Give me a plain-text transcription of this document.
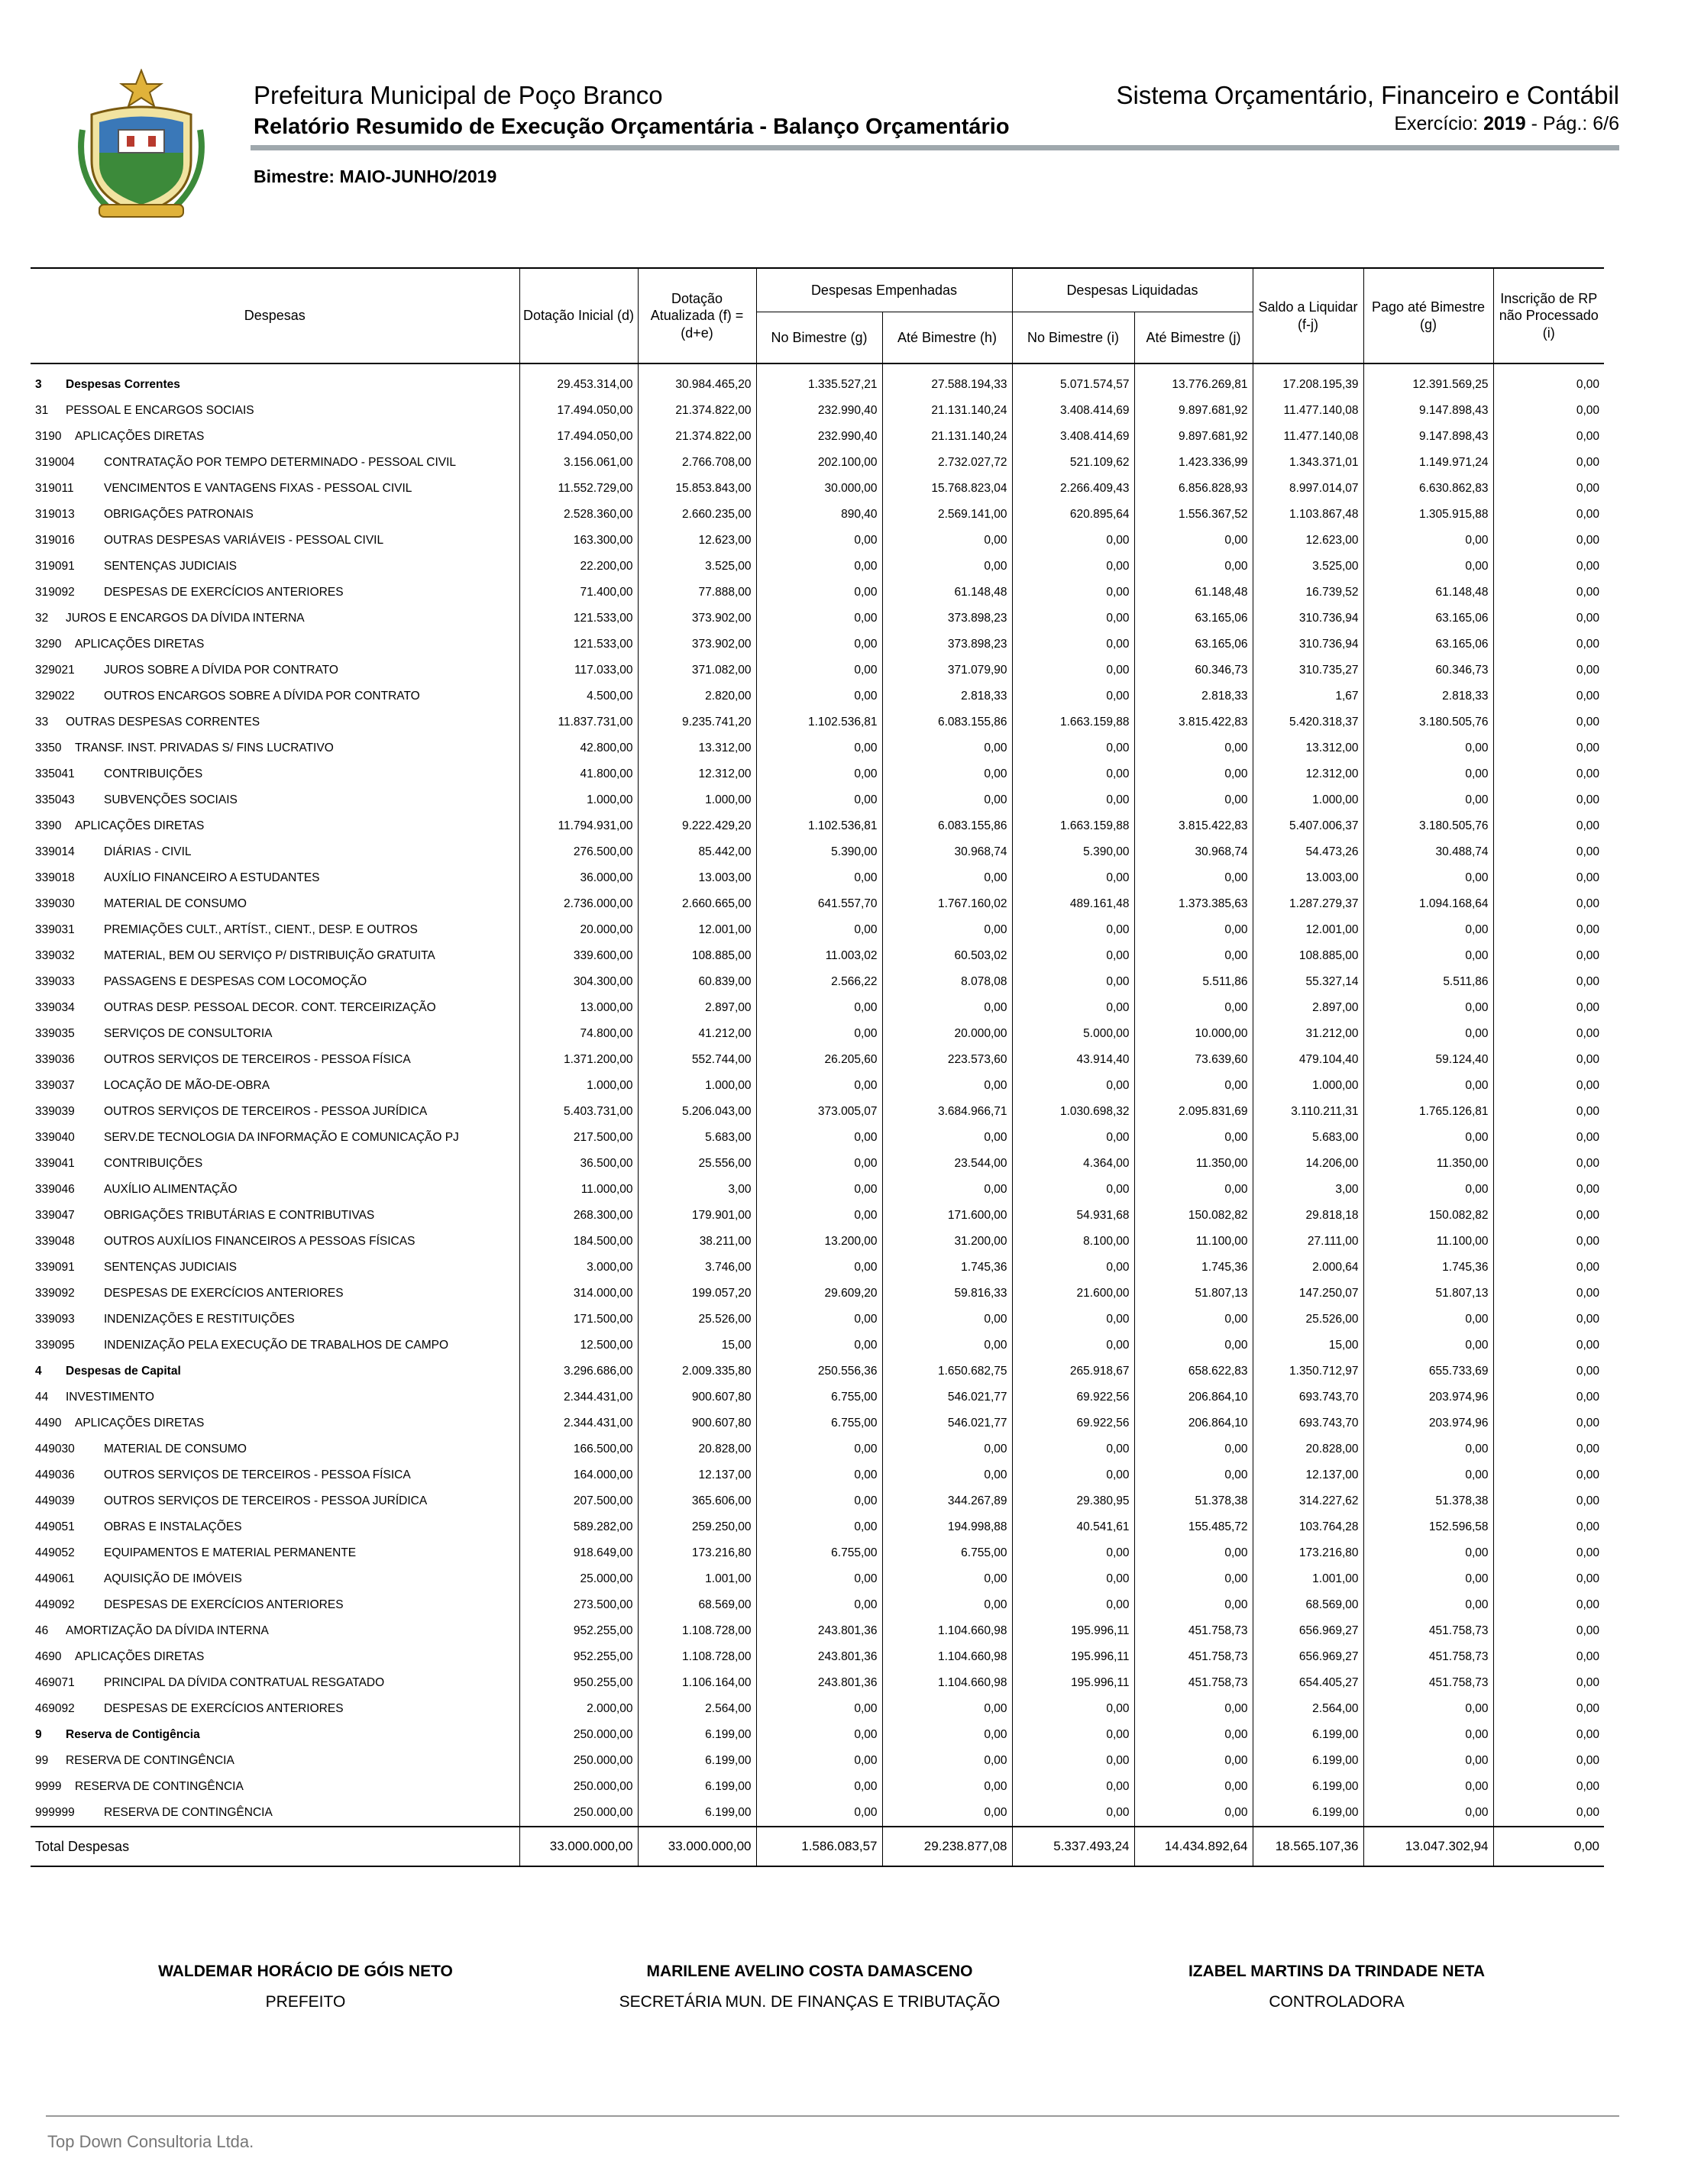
Prefeitura Municipal de Poço Branco
Relatório Resumido de Execução Orçamentária - Balanço Orçamentário
Sistema Orçamentário, Financeiro e Contábil
Exercício: 2019 - Pág.: 6/6
Bimestre: MAIO-JUNHO/2019
Despesas	Dotação Inicial (d)	Dotação Atualizada (f) = (d+e)	Despesas Empenhadas		Despesas Liquidadas		Saldo a Liquidar (f-j)	Pago até Bimestre (g)	Inscrição de RP não Processado (i)
			No Bimestre (g)	Até Bimestre (h)	No Bimestre (i)	Até Bimestre (j)			
3 Despesas Correntes	29.453.314,00	30.984.465,20	1.335.527,21	27.588.194,33	5.071.574,57	13.776.269,81	17.208.195,39	12.391.569,25	0,00
31 PESSOAL E ENCARGOS SOCIAIS	17.494.050,00	21.374.822,00	232.990,40	21.131.140,24	3.408.414,69	9.897.681,92	11.477.140,08	9.147.898,43	0,00
3190 APLICAÇÕES DIRETAS	17.494.050,00	21.374.822,00	232.990,40	21.131.140,24	3.408.414,69	9.897.681,92	11.477.140,08	9.147.898,43	0,00
319004 CONTRATAÇÃO POR TEMPO DETERMINADO - PESSOAL CIVIL	3.156.061,00	2.766.708,00	202.100,00	2.732.027,72	521.109,62	1.423.336,99	1.343.371,01	1.149.971,24	0,00
319011 VENCIMENTOS E VANTAGENS FIXAS - PESSOAL CIVIL	11.552.729,00	15.853.843,00	30.000,00	15.768.823,04	2.266.409,43	6.856.828,93	8.997.014,07	6.630.862,83	0,00
319013 OBRIGAÇÕES PATRONAIS	2.528.360,00	2.660.235,00	890,40	2.569.141,00	620.895,64	1.556.367,52	1.103.867,48	1.305.915,88	0,00
319016 OUTRAS DESPESAS VARIÁVEIS - PESSOAL CIVIL	163.300,00	12.623,00	0,00	0,00	0,00	0,00	12.623,00	0,00	0,00
319091 SENTENÇAS JUDICIAIS	22.200,00	3.525,00	0,00	0,00	0,00	0,00	3.525,00	0,00	0,00
319092 DESPESAS DE EXERCÍCIOS ANTERIORES	71.400,00	77.888,00	0,00	61.148,48	0,00	61.148,48	16.739,52	61.148,48	0,00
32 JUROS E ENCARGOS DA DÍVIDA INTERNA	121.533,00	373.902,00	0,00	373.898,23	0,00	63.165,06	310.736,94	63.165,06	0,00
3290 APLICAÇÕES DIRETAS	121.533,00	373.902,00	0,00	373.898,23	0,00	63.165,06	310.736,94	63.165,06	0,00
329021 JUROS SOBRE A DÍVIDA POR CONTRATO	117.033,00	371.082,00	0,00	371.079,90	0,00	60.346,73	310.735,27	60.346,73	0,00
329022 OUTROS ENCARGOS SOBRE A DÍVIDA POR CONTRATO	4.500,00	2.820,00	0,00	2.818,33	0,00	2.818,33	1,67	2.818,33	0,00
33 OUTRAS DESPESAS CORRENTES	11.837.731,00	9.235.741,20	1.102.536,81	6.083.155,86	1.663.159,88	3.815.422,83	5.420.318,37	3.180.505,76	0,00
3350 TRANSF. INST. PRIVADAS S/ FINS LUCRATIVO	42.800,00	13.312,00	0,00	0,00	0,00	0,00	13.312,00	0,00	0,00
335041 CONTRIBUIÇÕES	41.800,00	12.312,00	0,00	0,00	0,00	0,00	12.312,00	0,00	0,00
335043 SUBVENÇÕES SOCIAIS	1.000,00	1.000,00	0,00	0,00	0,00	0,00	1.000,00	0,00	0,00
3390 APLICAÇÕES DIRETAS	11.794.931,00	9.222.429,20	1.102.536,81	6.083.155,86	1.663.159,88	3.815.422,83	5.407.006,37	3.180.505,76	0,00
339014 DIÁRIAS - CIVIL	276.500,00	85.442,00	5.390,00	30.968,74	5.390,00	30.968,74	54.473,26	30.488,74	0,00
339018 AUXÍLIO FINANCEIRO A ESTUDANTES	36.000,00	13.003,00	0,00	0,00	0,00	0,00	13.003,00	0,00	0,00
339030 MATERIAL DE CONSUMO	2.736.000,00	2.660.665,00	641.557,70	1.767.160,02	489.161,48	1.373.385,63	1.287.279,37	1.094.168,64	0,00
339031 PREMIAÇÕES CULT., ARTÍST., CIENT., DESP. E OUTROS	20.000,00	12.001,00	0,00	0,00	0,00	0,00	12.001,00	0,00	0,00
339032 MATERIAL, BEM OU SERVIÇO P/ DISTRIBUIÇÃO GRATUITA	339.600,00	108.885,00	11.003,02	60.503,02	0,00	0,00	108.885,00	0,00	0,00
339033 PASSAGENS E DESPESAS COM LOCOMOÇÃO	304.300,00	60.839,00	2.566,22	8.078,08	0,00	5.511,86	55.327,14	5.511,86	0,00
339034 OUTRAS DESP. PESSOAL DECOR. CONT. TERCEIRIZAÇÃO	13.000,00	2.897,00	0,00	0,00	0,00	0,00	2.897,00	0,00	0,00
339035 SERVIÇOS DE CONSULTORIA	74.800,00	41.212,00	0,00	20.000,00	5.000,00	10.000,00	31.212,00	0,00	0,00
339036 OUTROS SERVIÇOS DE TERCEIROS - PESSOA FÍSICA	1.371.200,00	552.744,00	26.205,60	223.573,60	43.914,40	73.639,60	479.104,40	59.124,40	0,00
339037 LOCAÇÃO DE MÃO-DE-OBRA	1.000,00	1.000,00	0,00	0,00	0,00	0,00	1.000,00	0,00	0,00
339039 OUTROS SERVIÇOS DE TERCEIROS - PESSOA JURÍDICA	5.403.731,00	5.206.043,00	373.005,07	3.684.966,71	1.030.698,32	2.095.831,69	3.110.211,31	1.765.126,81	0,00
339040 SERV.DE TECNOLOGIA DA INFORMAÇÃO E COMUNICAÇÃO PJ	217.500,00	5.683,00	0,00	0,00	0,00	0,00	5.683,00	0,00	0,00
339041 CONTRIBUIÇÕES	36.500,00	25.556,00	0,00	23.544,00	4.364,00	11.350,00	14.206,00	11.350,00	0,00
339046 AUXÍLIO ALIMENTAÇÃO	11.000,00	3,00	0,00	0,00	0,00	0,00	3,00	0,00	0,00
339047 OBRIGAÇÕES TRIBUTÁRIAS E CONTRIBUTIVAS	268.300,00	179.901,00	0,00	171.600,00	54.931,68	150.082,82	29.818,18	150.082,82	0,00
339048 OUTROS AUXÍLIOS FINANCEIROS A PESSOAS FÍSICAS	184.500,00	38.211,00	13.200,00	31.200,00	8.100,00	11.100,00	27.111,00	11.100,00	0,00
339091 SENTENÇAS JUDICIAIS	3.000,00	3.746,00	0,00	1.745,36	0,00	1.745,36	2.000,64	1.745,36	0,00
339092 DESPESAS DE EXERCÍCIOS ANTERIORES	314.000,00	199.057,20	29.609,20	59.816,33	21.600,00	51.807,13	147.250,07	51.807,13	0,00
339093 INDENIZAÇÕES E RESTITUIÇÕES	171.500,00	25.526,00	0,00	0,00	0,00	0,00	25.526,00	0,00	0,00
339095 INDENIZAÇÃO PELA EXECUÇÃO DE TRABALHOS DE CAMPO	12.500,00	15,00	0,00	0,00	0,00	0,00	15,00	0,00	0,00
4 Despesas de Capital	3.296.686,00	2.009.335,80	250.556,36	1.650.682,75	265.918,67	658.622,83	1.350.712,97	655.733,69	0,00
44 INVESTIMENTO	2.344.431,00	900.607,80	6.755,00	546.021,77	69.922,56	206.864,10	693.743,70	203.974,96	0,00
4490 APLICAÇÕES DIRETAS	2.344.431,00	900.607,80	6.755,00	546.021,77	69.922,56	206.864,10	693.743,70	203.974,96	0,00
449030 MATERIAL DE CONSUMO	166.500,00	20.828,00	0,00	0,00	0,00	0,00	20.828,00	0,00	0,00
449036 OUTROS SERVIÇOS DE TERCEIROS - PESSOA FÍSICA	164.000,00	12.137,00	0,00	0,00	0,00	0,00	12.137,00	0,00	0,00
449039 OUTROS SERVIÇOS DE TERCEIROS - PESSOA JURÍDICA	207.500,00	365.606,00	0,00	344.267,89	29.380,95	51.378,38	314.227,62	51.378,38	0,00
449051 OBRAS E INSTALAÇÕES	589.282,00	259.250,00	0,00	194.998,88	40.541,61	155.485,72	103.764,28	152.596,58	0,00
449052 EQUIPAMENTOS E MATERIAL PERMANENTE	918.649,00	173.216,80	6.755,00	6.755,00	0,00	0,00	173.216,80	0,00	0,00
449061 AQUISIÇÃO DE IMÓVEIS	25.000,00	1.001,00	0,00	0,00	0,00	0,00	1.001,00	0,00	0,00
449092 DESPESAS DE EXERCÍCIOS ANTERIORES	273.500,00	68.569,00	0,00	0,00	0,00	0,00	68.569,00	0,00	0,00
46 AMORTIZAÇÃO DA DÍVIDA INTERNA	952.255,00	1.108.728,00	243.801,36	1.104.660,98	195.996,11	451.758,73	656.969,27	451.758,73	0,00
4690 APLICAÇÕES DIRETAS	952.255,00	1.108.728,00	243.801,36	1.104.660,98	195.996,11	451.758,73	656.969,27	451.758,73	0,00
469071 PRINCIPAL DA DÍVIDA CONTRATUAL RESGATADO	950.255,00	1.106.164,00	243.801,36	1.104.660,98	195.996,11	451.758,73	654.405,27	451.758,73	0,00
469092 DESPESAS DE EXERCÍCIOS ANTERIORES	2.000,00	2.564,00	0,00	0,00	0,00	0,00	2.564,00	0,00	0,00
9 Reserva de Contigência	250.000,00	6.199,00	0,00	0,00	0,00	0,00	6.199,00	0,00	0,00
99 RESERVA DE CONTINGÊNCIA	250.000,00	6.199,00	0,00	0,00	0,00	0,00	6.199,00	0,00	0,00
9999 RESERVA DE CONTINGÊNCIA	250.000,00	6.199,00	0,00	0,00	0,00	0,00	6.199,00	0,00	0,00
999999 RESERVA DE CONTINGÊNCIA	250.000,00	6.199,00	0,00	0,00	0,00	0,00	6.199,00	0,00	0,00
Total Despesas	33.000.000,00	33.000.000,00	1.586.083,57	29.238.877,08	5.337.493,24	14.434.892,64	18.565.107,36	13.047.302,94	0,00
WALDEMAR HORÁCIO DE GÓIS NETO
PREFEITO
MARILENE AVELINO COSTA DAMASCENO
SECRETÁRIA MUN. DE FINANÇAS E TRIBUTAÇÃO
IZABEL MARTINS DA TRINDADE NETA
CONTROLADORA
Top Down Consultoria Ltda.
